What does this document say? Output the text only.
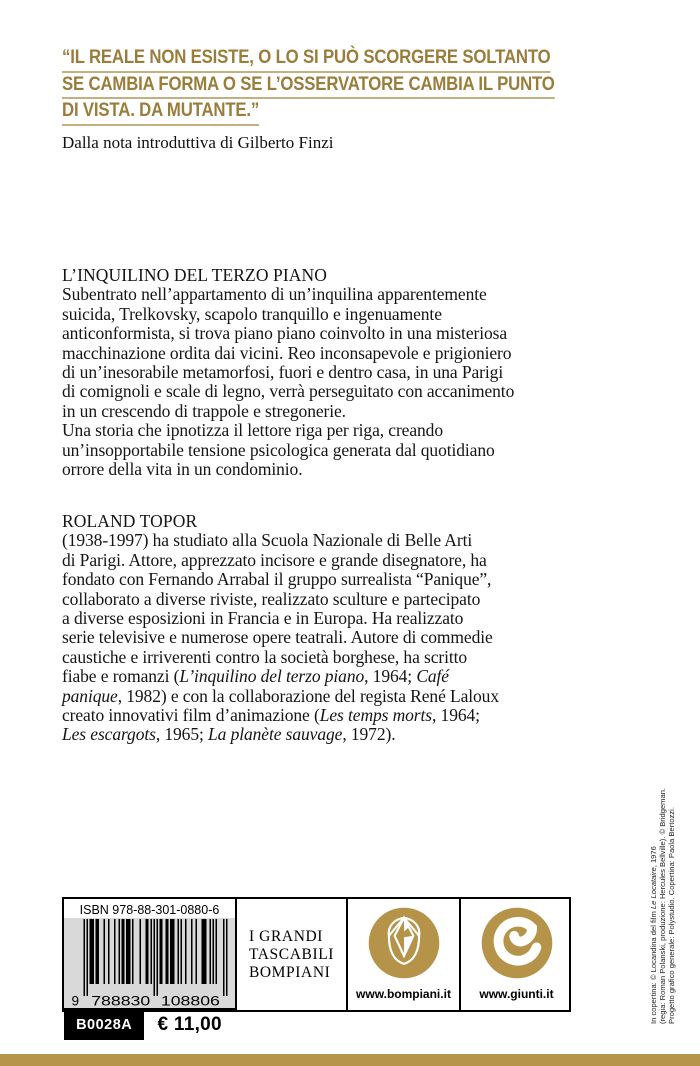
“IL REALE NON ESISTE, O LO SI PUÒ SCORGERE SOLTANTO
SE CAMBIA FORMA O SE L’OSSERVATORE CAMBIA IL PUNTO
DI VISTA. DA MUTANTE.”
Dalla nota introduttiva di Gilberto Finzi
L’INQUILINO DEL TERZO PIANO
Subentrato nell’appartamento di un’inquilina apparentemente
suicida, Trelkovsky, scapolo tranquillo e ingenuamente
anticonformista, si trova piano piano coinvolto in una misteriosa
macchinazione ordita dai vicini. Reo inconsapevole e prigioniero
di un’inesorabile metamorfosi, fuori e dentro casa, in una Parigi
di comignoli e scale di legno, verrà perseguitato con accanimento
in un crescendo di trappole e stregonerie.
Una storia che ipnotizza il lettore riga per riga, creando
un’insopportabile tensione psicologica generata dal quotidiano
orrore della vita in un condominio.
ROLAND TOPOR
(1938-1997) ha studiato alla Scuola Nazionale di Belle Arti
di Parigi. Attore, apprezzato incisore e grande disegnatore, ha
fondato con Fernando Arrabal il gruppo surrealista “Panique”,
collaborato a diverse riviste, realizzato sculture e partecipato
a diverse esposizioni in Francia e in Europa. Ha realizzato
serie televisive e numerose opere teatrali. Autore di commedie
caustiche e irriverenti contro la società borghese, ha scritto
fiabe e romanzi (L’inquilino del terzo piano, 1964; Café
panique, 1982) e con la collaborazione del regista René Laloux
creato innovativi film d’animazione (Les temps morts, 1964;
Les escargots, 1965; La planète sauvage, 1972).
In copertina: © Locandina del film Le Locataire, 1976 (regia: Roman Polanski, produzione: Hercules Bellville). © Bridgeman. Progetto grafico generale: Polystudio. Copertina: Paola Bertozzi.
ISBN 978-88-301-0880-6
9 788830 108806
B0028A	€ 11,00
I GRANDI
TASCABILI
BOMPIANI
www.bompiani.it www.giunti.it
